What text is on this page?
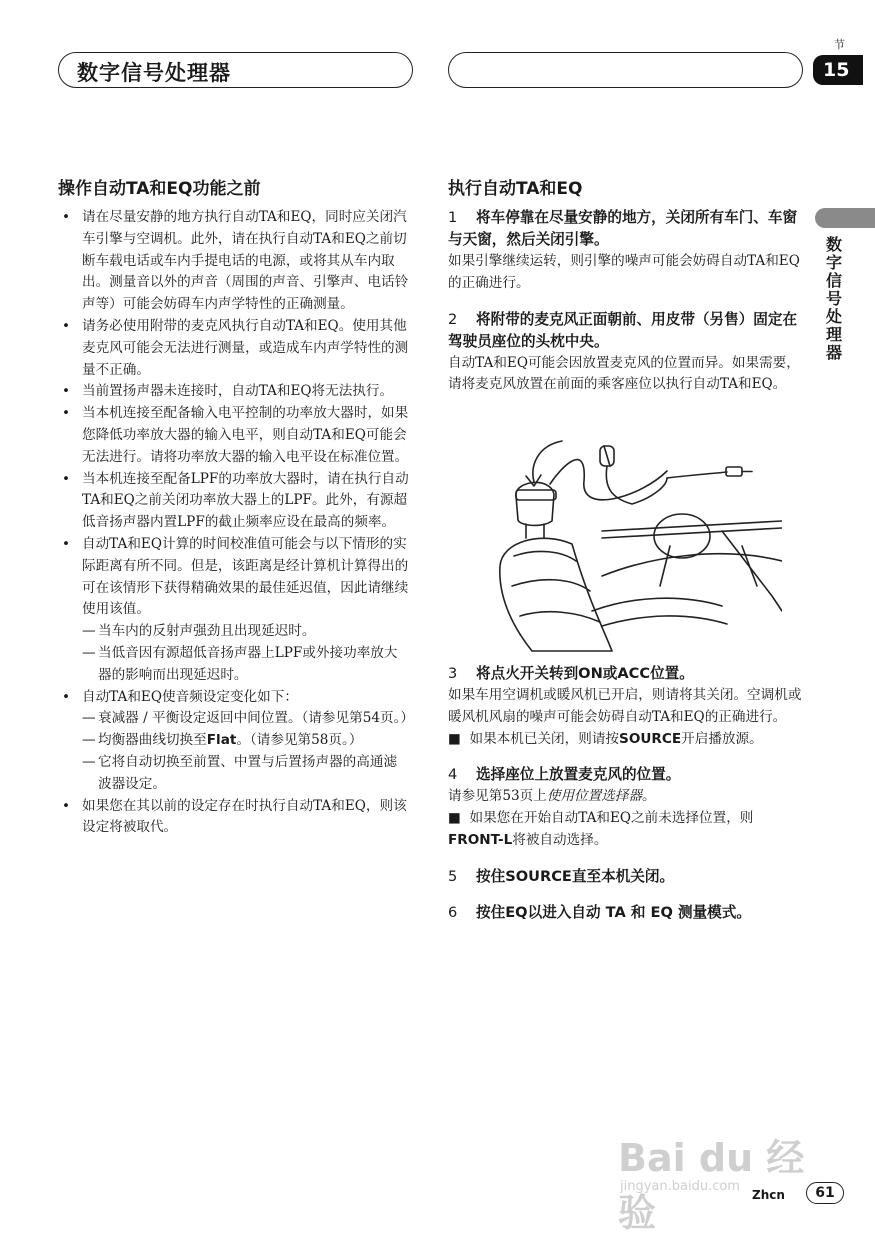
数字信号处理器
节
15
数字信号处理器
操作自动TA和EQ功能之前	执行自动TA和EQ
• 请在尽量安静的地方执行自动TA和EQ，同时应关闭汽车引擎与空调机。此外，请在执行自动TA和EQ之前切断车载电话或车内手提电话的电源，或将其从车内取出。测量音以外的声音（周围的声音、引擎声、电话铃声等）可能会妨碍车内声学特性的正确测量。
• 请务必使用附带的麦克风执行自动TA和EQ。使用其他麦克风可能会无法进行测量，或造成车内声学特性的测量不正确。
• 当前置扬声器未连接时，自动TA和EQ将无法执行。
• 当本机连接至配备输入电平控制的功率放大器时，如果您降低功率放大器的输入电平，则自动TA和EQ可能会无法进行。请将功率放大器的输入电平设在标准位置。
• 当本机连接至配备LPF的功率放大器时，请在执行自动TA和EQ之前关闭功率放大器上的LPF。此外，有源超低音扬声器内置LPF的截止频率应设在最高的频率。
• 自动TA和EQ计算的时间校准值可能会与以下情形的实际距离有所不同。但是，该距离是经计算机计算得出的可在该情形下获得精确效果的最佳延迟值，因此请继续使用该值。
— 当车内的反射声强劲且出现延迟时。
— 当低音因有源超低音扬声器上LPF或外接功率放大器的影响而出现延迟时。
• 自动TA和EQ使音频设定变化如下：
— 衰减器 / 平衡设定返回中间位置。（请参见第54页。）
— 均衡器曲线切换至Flat。（请参见第58页。）
— 它将自动切换至前置、中置与后置扬声器的高通滤波器设定。
• 如果您在其以前的设定存在时执行自动TA和EQ，则该设定将被取代。
1 将车停靠在尽量安静的地方，关闭所有车门、车窗与天窗，然后关闭引擎。
如果引擎继续运转，则引擎的噪声可能会妨碍自动TA和EQ的正确进行。
2 将附带的麦克风正面朝前、用皮带（另售）固定在驾驶员座位的头枕中央。
自动TA和EQ可能会因放置麦克风的位置而异。如果需要，请将麦克风放置在前面的乘客座位以执行自动TA和EQ。
3 将点火开关转到ON或ACC位置。
如果车用空调机或暖风机已开启，则请将其关闭。空调机或暖风机风扇的噪声可能会妨碍自动TA和EQ的正确进行。
■ 如果本机已关闭，则请按SOURCE开启播放源。
4 选择座位上放置麦克风的位置。
请参见第53页上使用位置选择器。
■ 如果您在开始自动TA和EQ之前未选择位置，则FRONT-L将被自动选择。
5 按住SOURCE直至本机关闭。
6 按住EQ以进入自动 TA 和 EQ 测量模式。
Bai du 经验
jingyan.baidu.com
Zhcn	61
